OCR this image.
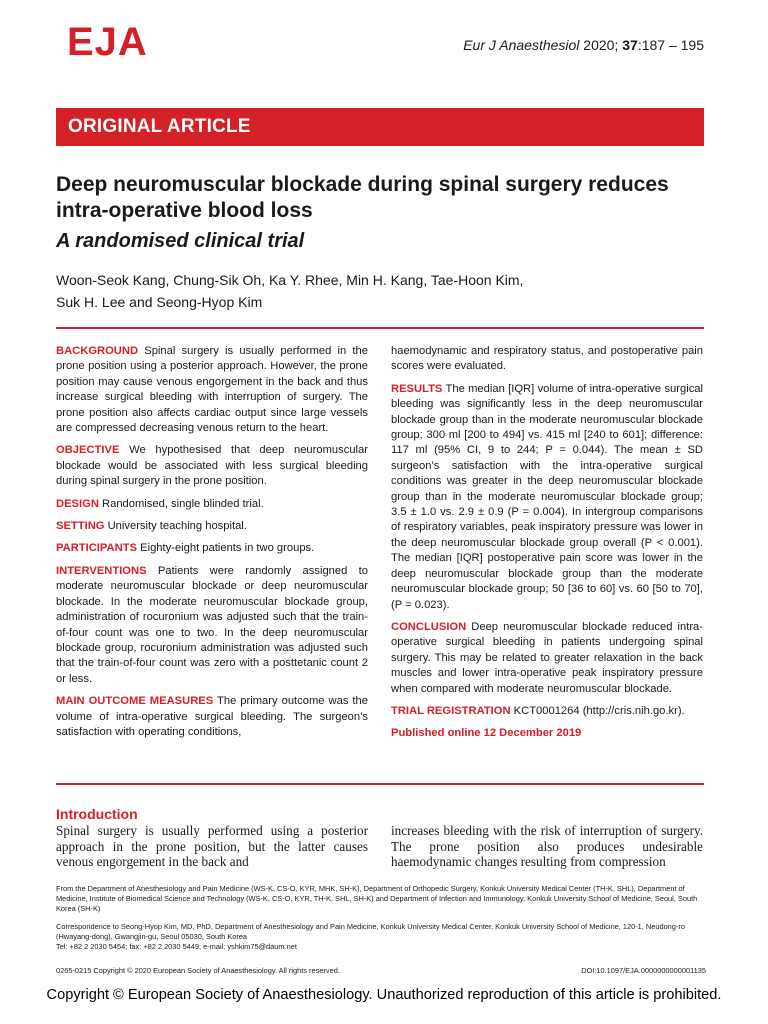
EJA	Eur J Anaesthesiol 2020; 37:187 – 195
ORIGINAL ARTICLE
Deep neuromuscular blockade during spinal surgery reduces intra-operative blood loss
A randomised clinical trial
Woon-Seok Kang, Chung-Sik Oh, Ka Y. Rhee, Min H. Kang, Tae-Hoon Kim,
Suk H. Lee and Seong-Hyop Kim

BACKGROUND Spinal surgery is usually performed in the prone position using a posterior approach. However, the prone position may cause venous engorgement in the back and thus increase surgical bleeding with interruption of surgery. The prone position also affects cardiac output since large vessels are compressed decreasing venous return to the heart.

OBJECTIVE We hypothesised that deep neuromuscular blockade would be associated with less surgical bleeding during spinal surgery in the prone position.

DESIGN Randomised, single blinded trial.

SETTING University teaching hospital.

PARTICIPANTS Eighty-eight patients in two groups.

INTERVENTIONS Patients were randomly assigned to moderate neuromuscular blockade or deep neuromuscular blockade. In the moderate neuromuscular blockade group, administration of rocuronium was adjusted such that the train-of-four count was one to two. In the deep neuromuscular blockade group, rocuronium administration was adjusted such that the train-of-four count was zero with a posttetanic count 2 or less.

MAIN OUTCOME MEASURES The primary outcome was the volume of intra-operative surgical bleeding. The surgeon’s satisfaction with operating conditions,

haemodynamic and respiratory status, and postoperative pain scores were evaluated.

RESULTS The median [IQR] volume of intra-operative surgical bleeding was significantly less in the deep neuromuscular blockade group than in the moderate neuromuscular blockade group; 300 ml [200 to 494] vs. 415 ml [240 to 601]; difference: 117 ml (95% CI, 9 to 244; P = 0.044). The mean ± SD surgeon’s satisfaction with the intra-operative surgical conditions was greater in the deep neuromuscular blockade group than in the moderate neuromuscular blockade group; 3.5 ± 1.0 vs. 2.9 ± 0.9 (P = 0.004). In intergroup comparisons of respiratory variables, peak inspiratory pressure was lower in the deep neuromuscular blockade group overall (P < 0.001). The median [IQR] postoperative pain score was lower in the deep neuromuscular blockade group than the moderate neuromuscular blockade group; 50 [36 to 60] vs. 60 [50 to 70], (P = 0.023).

CONCLUSION Deep neuromuscular blockade reduced intra-operative surgical bleeding in patients undergoing spinal surgery. This may be related to greater relaxation in the back muscles and lower intra-operative peak inspiratory pressure when compared with moderate neuromuscular blockade.

TRIAL REGISTRATION KCT0001264 (http://cris.nih.go.kr).

Published online 12 December 2019

Introduction

Spinal surgery is usually performed using a posterior approach in the prone position, but the latter causes venous engorgement in the back and

increases bleeding with the risk of interruption of surgery. The prone position also produces undesirable haemodynamic changes resulting from compression

From the Department of Anesthesiology and Pain Medicine (WS-K, CS-O, KYR, MHK, SH-K), Department of Orthopedic Surgery, Konkuk University Medical Center (TH-K, SHL), Department of Medicine, Institute of Biomedical Science and Technology (WS-K, CS-O, KYR, TH-K, SHL, SH-K) and Department of Infection and Immunology, Konkuk University School of Medicine, Seoul, South Korea (SH-K)
Correspondence to Seong-Hyop Kim, MD, PhD, Department of Anesthesiology and Pain Medicine, Konkuk University Medical Center, Konkuk University School of Medicine, 120-1, Neudong-ro (Hwayang-dong), Gwangjin-gu, Seoul 05030, South Korea
Tel: +82 2 2030 5454; fax: +82 2 2030 5449; e-mail: yshkim75@daum.net
0265-0215 Copyright © 2020 European Society of Anaesthesiology. All rights reserved.	DOI:10.1097/EJA.0000000000001135
Copyright © European Society of Anaesthesiology. Unauthorized reproduction of this article is prohibited.
